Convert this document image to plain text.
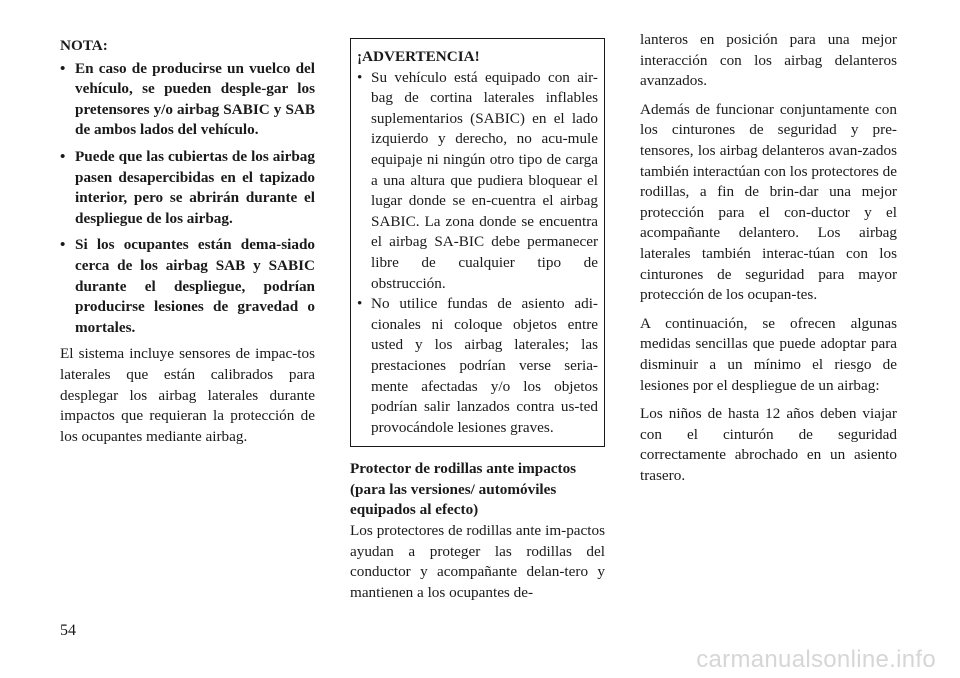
NOTA:

• En caso de producirse un vuelco del vehículo, se pueden desple-gar los pretensores y/o airbag SABIC y SAB de ambos lados del vehículo.
• Puede que las cubiertas de los airbag pasen desapercibidas en el tapizado interior, pero se abrirán durante el despliegue de los airbag.
• Si los ocupantes están dema-siado cerca de los airbag SAB y SABIC durante el despliegue, podrían producirse lesiones de gravedad o mortales.

El sistema incluye sensores de impac-tos laterales que están calibrados para desplegar los airbag laterales durante impactos que requieran la protección de los ocupantes mediante airbag.

¡ADVERTENCIA!

• Su vehículo está equipado con air-bag de cortina laterales inflables suplementarios (SABIC) en el lado izquierdo y derecho, no acu-mule equipaje ni ningún otro tipo de carga a una altura que pudiera bloquear el lugar donde se en-cuentra el airbag SABIC. La zona donde se encuentra el airbag SA-BIC debe permanecer libre de cualquier tipo de obstrucción.
• No utilice fundas de asiento adi-cionales ni coloque objetos entre usted y los airbag laterales; las prestaciones podrían verse seria-mente afectadas y/o los objetos podrían salir lanzados contra us-ted provocándole lesiones graves.

Protector de rodillas ante impactos (para las versiones/ automóviles equipados al efecto)

Los protectores de rodillas ante im-pactos ayudan a proteger las rodillas del conductor y acompañante delan-tero y mantienen a los ocupantes de-

lanteros en posición para una mejor interacción con los airbag delanteros avanzados.

Además de funcionar conjuntamente con los cinturones de seguridad y pre-tensores, los airbag delanteros avan-zados también interactúan con los protectores de rodillas, a fin de brin-dar una mejor protección para el con-ductor y el acompañante delantero. Los airbag laterales también interac-túan con los cinturones de seguridad para mayor protección de los ocupan-tes.

A continuación, se ofrecen algunas medidas sencillas que puede adoptar para disminuir a un mínimo el riesgo de lesiones por el despliegue de un airbag:

Los niños de hasta 12 años deben viajar con el cinturón de seguridad correctamente abrochado en un asiento trasero.

54
carmanualsonline.info
